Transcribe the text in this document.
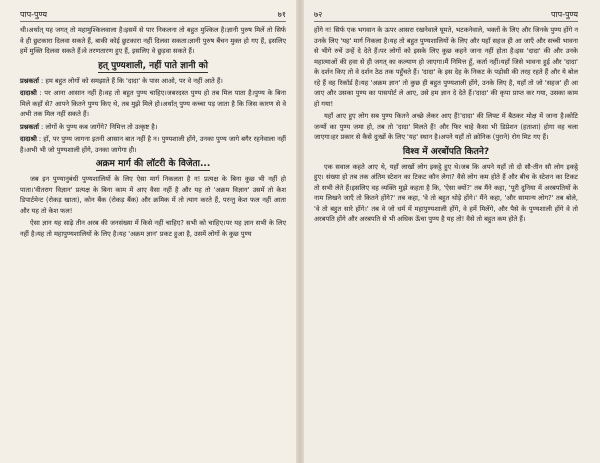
पाप-पुण्य	७१

थी।अर्थात् यह जगत् तो महामुश्किलवाला है।इसमें से पार निकलना तो बहुत मुश्किल है।ज्ञानी पुरुष मिलें तो सिर्फ वे ही छुटकारा दिलवा सकते हैं, बाकी कोई छुटकारा नहीं दिलवा सकता।ज्ञानी पुरुष बैंचन मुक्त हो गए हैं, इसलिए हमें मुक्ति दिलवा सकते हैं।वे तरणतारण हुए हैं, इसलिए वे छुड़वा सकते हैं।

हत् पुण्यशाली, नहीं पाते ज्ञानी को

प्रश्नकर्ता : हम बहुत लोगों को समझाते हैं कि 'दादा' के पास आओ, पर वे नहीं आते हैं।

दादाश्री : पर आना आसान नहीं है।वह तो बहुत पुण्य चाहिए।जबरदस्त पुण्य हो तब मिल पाता है।पुण्य के बिना मिले कहाँ से? आपने कितने पुण्य किए थे, तब मुझे मिले हो।अर्थात् पुण्य कच्चा पड़ जाता है कि जिस कारण से वे अभी तक मिल नहीं सकते हैं।

प्रश्नकर्ता : लोगों के पुण्य कब जागेंगे? निमित्त तो उत्कृष्ट है।

दादाश्री : हाँ, पर पुण्य जागना इतनी आसान बात नहीं है न। पुण्यशाली होंगे, उनका पुण्य जागे बगैर रहनेवाला नहीं है।अभी भी जो पुण्यशाली होंगे, उनका जागेगा ही।

अक्रम मार्ग की लॉटरी के विजेता...

जब इन पुण्यानुबंधी पुण्यशालियों के लिए ऐसा मार्ग निकलता है न! प्रत्यक्ष के बिना कुछ भी नहीं हो पाता।'वीतराग विज्ञान' प्रत्यक्ष के बिना काम में आए वैसा नहीं है और यह तो 'अक्रम विज्ञान' उसमें तो केश डिपार्टमेन्ट (रोकड़ खाता), कोन बैंक (रोकड़ बैंक) और क्रमिक में तो त्याग करते हैं, परन्तु केश फल नहीं आता और यह तो केश फल!

ऐसा ज्ञान यह साढ़े तीन अरब की जनसंख्या में किसे नहीं चाहिए? सभी को चाहिए।पर यह ज्ञान सभी के लिए नहीं है।यह तो महापुण्यशालियों के लिए है।यह 'अक्रम ज्ञान' प्रकट हुआ है, उसमें लोगों के कुछ पुण्य

७२	पाप-पुण्य

होंगे न! सिर्फ एक भगवान के ऊपर आसरा रखनेवाले घूमते, भटकनेवाले, भक्तों के लिए और जिनके पुण्य होंगे न उनके लिए 'यह' मार्ग निकला है।यह तो बहुत पुण्यशालियों के लिए और यहाँ सहज ही आ जाएँ और सच्ची भावना से भीगे रुचें उन्हें दे देते हैं।पर लोगों को इसके लिए कुछ कहने जाना नहीं होता है।इस 'दादा' की और उनके महात्माओं की हवा से ही जगत् का कल्याण हो जाएगा।मैं निमित्त हूँ, कर्ता नहीं।यहाँ जिसे भावना हुई और 'दादा' के दर्शन किए तो वे दर्शन ठेठ तक पहुँचते हैं। 'दादा' के इस देह के निकट के पड़ोसी की तरह रहते हैं और ये बोल रहे हैं वह रिकॉर्ड है।यह 'अक्रम ज्ञान' तो कुछ ही बहुत पुण्यशाली होंगे, उनके लिए है, यहाँ तो जो 'सहज' ही आ जाए और उसका पुण्य का पासपोर्ट ले आए, उसे हम ज्ञान दे देते हैं।'दादा' की कृपा प्राप्त कर गया, उसका काम हो गया!

यहाँ आए हुए लोग सब पुण्य कितने अच्छे लेकर आए हैं!'दादा' की लिफ्ट में बैठकर मोक्ष में जाना है।कोटि जन्मों का पुण्य जमा हो, तब तो 'दादा' मिलते हैं! और फिर चाहे कैसा भी डिप्रेशन (हताशा) होगा वह चला जाएगा।हर प्रकार से कैसे दुःखों के लिए 'यह' स्थान है।अपने यहाँ तो क्रोनिक (पुराने) रोग मिट गए हैं।

विश्व में अरबोंपति कितने?

एक सवाल कहते आए थे, यहाँ लाखों लोग इकट्ठे हुए थे।जब कि अपने यहाँ तो दो सौ-तीन सौ लोग इकट्ठे हुए। संख्या हो तब तक अंतिम स्टेशन का टिकट कौन लेगा? वैसे लोग कम होते हैं और बीच के स्टेशन का टिकट तो सभी लेते हैं।इसलिए वह व्यक्ति मुझे कहता है कि, 'ऐसा क्यों?' तब मैंने कहा, 'पूरी दुनिया में अरबपतियों के नाम लिखने जाएँ तो कितने होंगे?' तब कहा, 'वे तो बहुत थोड़े होंगे।' मैंने कहा, 'और सामान्य लोग?' तब बोले, 'वे तो बहुत सारे होंगे।' तब वे जो धर्म में महापुण्यशाली होंगे, वे हमें मिलेंगे, और पैसे के पुण्यशाली होंगे वे तो अरबपति होंगे और अरबपति से भी अधिक ऊँचा पुण्य है यह तो! वैसे तो बहुत कम होते हैं।
